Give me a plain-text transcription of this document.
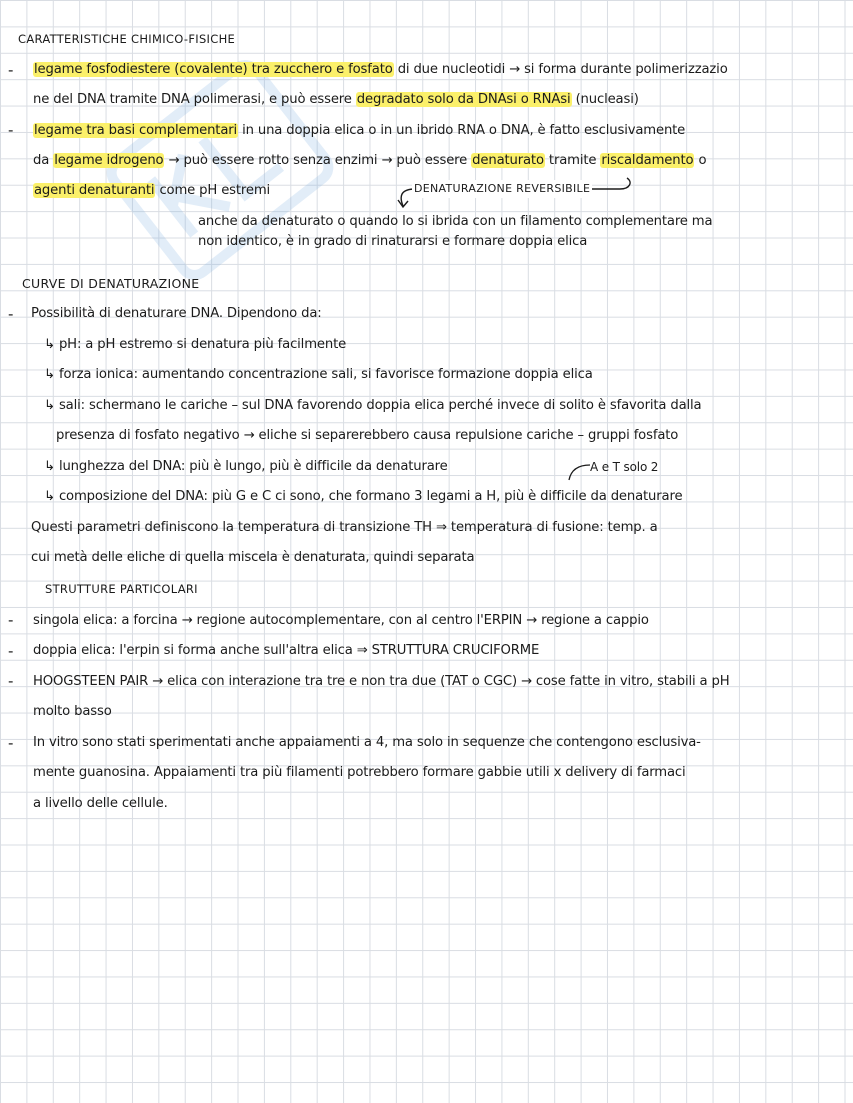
CARATTERISTICHE CHIMICO-FISICHE
- legame fosfodiestere (covalente) tra zucchero e fosfato di due nucleotidi → si forma durante polimerizzazio
ne del DNA tramite DNA polimerasi, e può essere degradato solo da DNAsi o RNAsi (nucleasi)
- legame tra basi complementari in una doppia elica o in un ibrido RNA o DNA, è fatto esclusivamente
da legame idrogeno → può essere rotto senza enzimi → può essere denaturato tramite riscaldamento o
agenti denaturanti come pH estremi	DENATURAZIONE REVERSIBILE
anche da denaturato o quando lo si ibrida con un filamento complementare ma
non identico, è in grado di rinaturarsi e formare doppia elica
CURVE DI DENATURAZIONE
- Possibilità di denaturare DNA. Dipendono da:
↳ pH: a pH estremo si denatura più facilmente
↳ forza ionica: aumentando concentrazione sali, si favorisce formazione doppia elica
↳ sali: schermano le cariche – sul DNA favorendo doppia elica perché invece di solito è sfavorita dalla
presenza di fosfato negativo → eliche si separerebbero causa repulsione cariche – gruppi fosfato
↳ lunghezza del DNA: più è lungo, più è difficile da denaturare	A e T solo 2
↳ composizione del DNA: più G e C ci sono, che formano 3 legami a H, più è difficile da denaturare
Questi parametri definiscono la temperatura di transizione TH ⇒ temperatura di fusione: temp. a
cui metà delle eliche di quella miscela è denaturata, quindi separata
STRUTTURE PARTICOLARI
- singola elica: a forcina → regione autocomplementare, con al centro l'ERPIN → regione a cappio
- doppia elica: l'erpin si forma anche sull'altra elica ⇒ STRUTTURA CRUCIFORME
- HOOGSTEEN PAIR → elica con interazione tra tre e non tra due (TAT o CGC) → cose fatte in vitro, stabili a pH
molto basso
- In vitro sono stati sperimentati anche appaiamenti a 4, ma solo in sequenze che contengono esclusiva-
mente guanosina. Appaiamenti tra più filamenti potrebbero formare gabbie utili x delivery di farmaci
a livello delle cellule.
